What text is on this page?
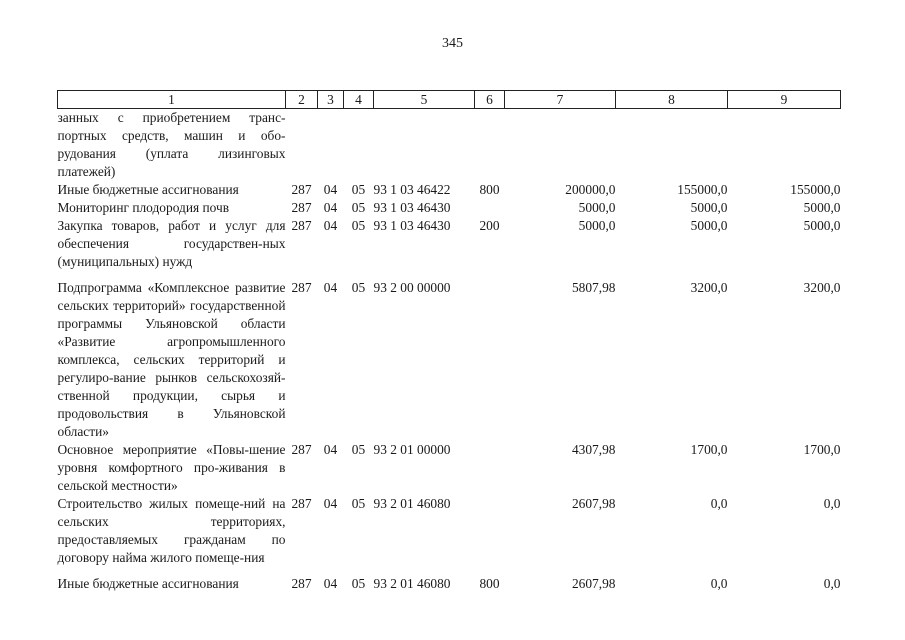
345
1	2	3	4	5	6	7	8	9
занных с приобретением транс-портных средств, машин и обо-рудования (уплата лизинговых платежей)								
Иные бюджетные ассигнования	287	04	05	93 1 03 46422	800	200000,0	155000,0	155000,0
Мониторинг плодородия почв	287	04	05	93 1 03 46430		5000,0	5000,0	5000,0
Закупка товаров, работ и услуг для обеспечения государствен-ных (муниципальных) нужд	287	04	05	93 1 03 46430	200	5000,0	5000,0	5000,0
Подпрограмма «Комплексное развитие сельских территорий» государственной программы Ульяновской области «Развитие агропромышленного комплекса, сельских территорий и регулиро-вание рынков сельскохозяй-ственной продукции, сырья и продовольствия в Ульяновской области»	287	04	05	93 2 00 00000		5807,98	3200,0	3200,0
Основное мероприятие «Повы-шение уровня комфортного про-живания в сельской местности»	287	04	05	93 2 01 00000		4307,98	1700,0	1700,0
Строительство жилых помеще-ний на сельских территориях, предоставляемых гражданам по договору найма жилого помеще-ния	287	04	05	93 2 01 46080		2607,98	0,0	0,0
Иные бюджетные ассигнования	287	04	05	93 2 01 46080	800	2607,98	0,0	0,0
